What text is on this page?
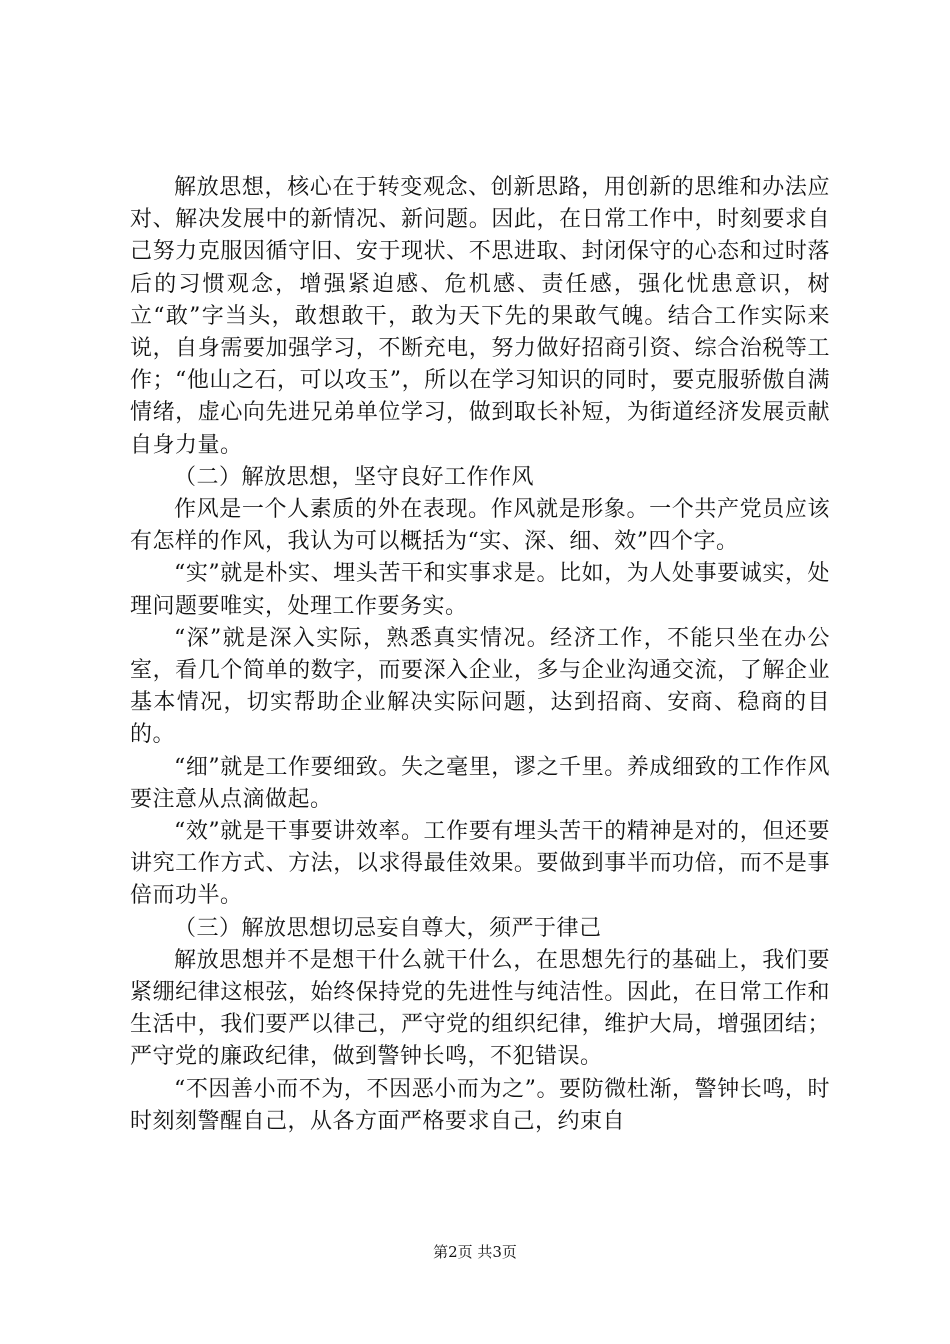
解放思想，核心在于转变观念、创新思路，用创新的思维和办法应对、解决发展中的新情况、新问题。因此，在日常工作中，时刻要求自己努力克服因循守旧、安于现状、不思进取、封闭保守的心态和过时落后的习惯观念，增强紧迫感、危机感、责任感，强化忧患意识，树立“敢”字当头，敢想敢干，敢为天下先的果敢气魄。结合工作实际来说，自身需要加强学习，不断充电，努力做好招商引资、综合治税等工作；“他山之石，可以攻玉”，所以在学习知识的同时，要克服骄傲自满情绪，虚心向先进兄弟单位学习，做到取长补短，为街道经济发展贡献自身力量。

（二）解放思想，坚守良好工作作风

作风是一个人素质的外在表现。作风就是形象。一个共产党员应该有怎样的作风，我认为可以概括为“实、深、细、效”四个字。

“实”就是朴实、埋头苦干和实事求是。比如，为人处事要诚实，处理问题要唯实，处理工作要务实。

“深”就是深入实际，熟悉真实情况。经济工作，不能只坐在办公室，看几个简单的数字，而要深入企业，多与企业沟通交流，了解企业基本情况，切实帮助企业解决实际问题，达到招商、安商、稳商的目的。

“细”就是工作要细致。失之毫里，谬之千里。养成细致的工作作风要注意从点滴做起。

“效”就是干事要讲效率。工作要有埋头苦干的精神是对的，但还要讲究工作方式、方法，以求得最佳效果。要做到事半而功倍，而不是事倍而功半。

（三）解放思想切忌妄自尊大，须严于律己

解放思想并不是想干什么就干什么，在思想先行的基础上，我们要紧绷纪律这根弦，始终保持党的先进性与纯洁性。因此，在日常工作和生活中，我们要严以律己，严守党的组织纪律，维护大局，增强团结；严守党的廉政纪律，做到警钟长鸣，不犯错误。

“不因善小而不为，不因恶小而为之”。要防微杜渐，警钟长鸣，时时刻刻警醒自己，从各方面严格要求自己，约束自

第2页 共3页
